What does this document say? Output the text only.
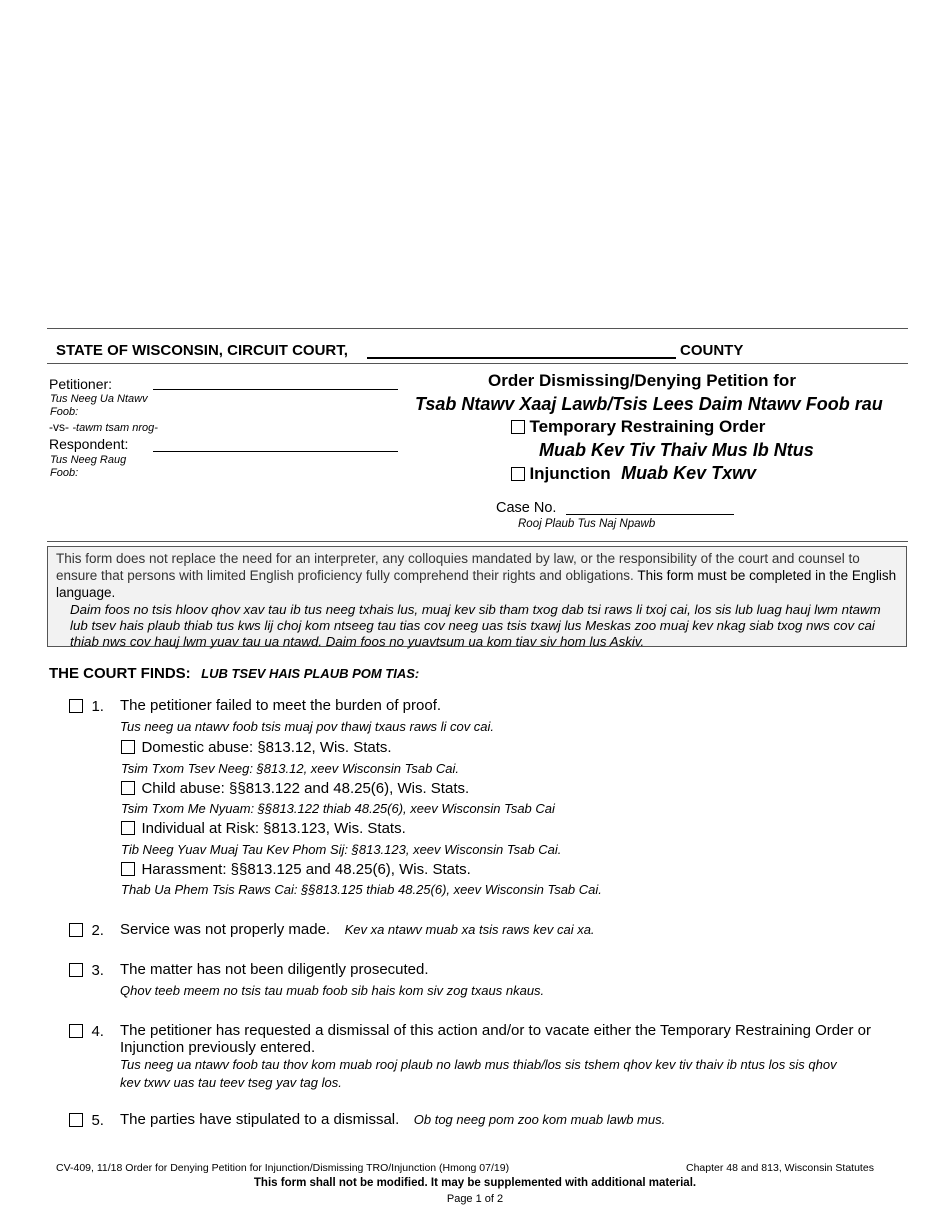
STATE OF WISCONSIN, CIRCUIT COURT,	COUNTY
Petitioner:
Tus Neeg Ua Ntawv
Foob:
-vs- -tawm tsam nrog-
Respondent:
Tus Neeg Raug
Foob:
Order Dismissing/Denying Petition for
Tsab Ntawv Xaaj Lawb/Tsis Lees Daim Ntawv Foob rau
Temporary Restraining Order
Muab Kev Tiv Thaiv Mus Ib Ntus
Injunction Muab Kev Txwv
Case No.
Rooj Plaub Tus Naj Npawb
This form does not replace the need for an interpreter, any colloquies mandated by law, or the responsibility of the court and counsel to ensure that persons with limited English proficiency fully comprehend their rights and obligations. This form must be completed in the English language.
Daim foos no tsis hloov qhov xav tau ib tus neeg txhais lus, muaj kev sib tham txog dab tsi raws li txoj cai, los sis lub luag hauj lwm ntawm lub tsev hais plaub thiab tus kws lij choj kom ntseeg tau tias cov neeg uas tsis txawj lus Meskas zoo muaj kev nkag siab txog nws cov cai thiab nws cov hauj lwm yuav tau ua ntawd. Daim foos no yuavtsum ua kom tiav siv hom lus Askiv.
THE COURT FINDS: LUB TSEV HAIS PLAUB POM TIAS:
1. The petitioner failed to meet the burden of proof.
Tus neeg ua ntawv foob tsis muaj pov thawj txaus raws li cov cai.
Domestic abuse: §813.12, Wis. Stats.
Tsim Txom Tsev Neeg: §813.12, xeev Wisconsin Tsab Cai.
Child abuse: §§813.122 and 48.25(6), Wis. Stats.
Tsim Txom Me Nyuam: §§813.122 thiab 48.25(6), xeev Wisconsin Tsab Cai
Individual at Risk: §813.123, Wis. Stats.
Tib Neeg Yuav Muaj Tau Kev Phom Sij: §813.123, xeev Wisconsin Tsab Cai.
Harassment: §§813.125 and 48.25(6), Wis. Stats.
Thab Ua Phem Tsis Raws Cai: §§813.125 thiab 48.25(6), xeev Wisconsin Tsab Cai.
2. Service was not properly made. Kev xa ntawv muab xa tsis raws kev cai xa.
3. The matter has not been diligently prosecuted.
Qhov teeb meem no tsis tau muab foob sib hais kom siv zog txaus nkaus.
4. The petitioner has requested a dismissal of this action and/or to vacate either the Temporary Restraining Order or
Injunction previously entered.
Tus neeg ua ntawv foob tau thov kom muab rooj plaub no lawb mus thiab/los sis tshem qhov kev tiv thaiv ib ntus los sis qhov
kev txwv uas tau teev tseg yav tag los.
5. The parties have stipulated to a dismissal. Ob tog neeg pom zoo kom muab lawb mus.
CV-409, 11/18 Order for Denying Petition for Injunction/Dismissing TRO/Injunction (Hmong 07/19)	Chapter 48 and 813, Wisconsin Statutes
This form shall not be modified. It may be supplemented with additional material.
Page 1 of 2
